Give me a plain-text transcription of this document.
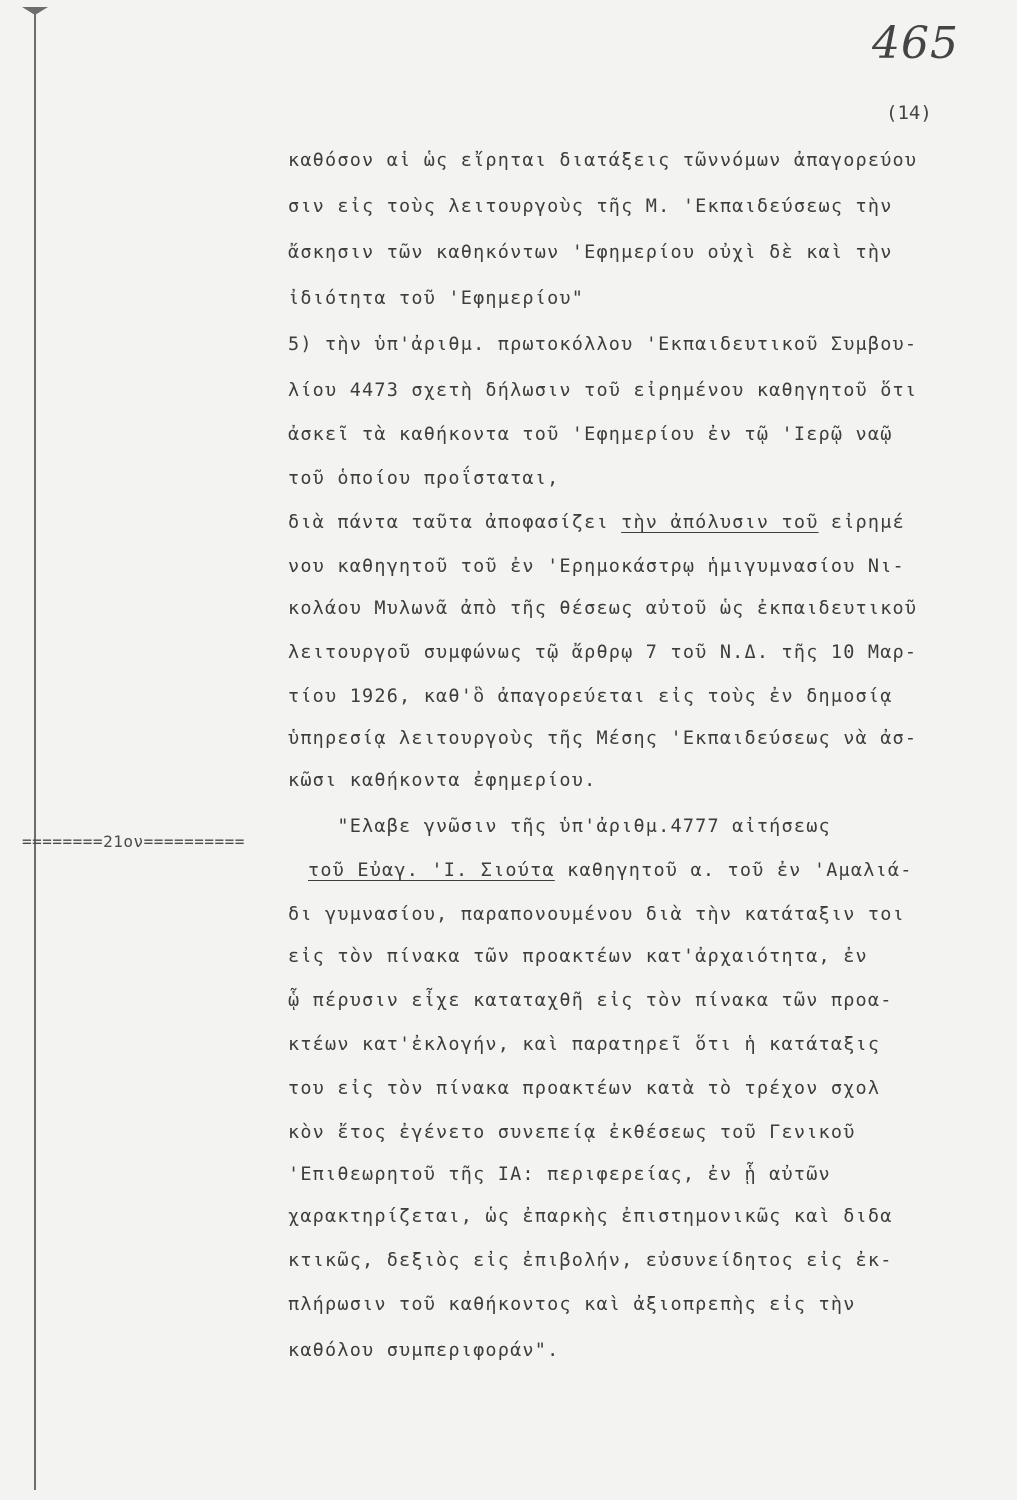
465
(14)
========21ον==========
καθόσον αἱ ὡς εἴρηται διατάξεις τῶννόμων ἀπαγορεύου
σιν εἰς τοὺς λειτουργοὺς τῆς Μ. 'Εκπαιδεύσεως τὴν
ἄσκησιν τῶν καθηκόντων 'Εφημερίου οὐχὶ δὲ καὶ τὴν
ἰδιότητα τοῦ 'Εφημερίου"
5) τὴν ὑπ'ἀριθμ. πρωτοκόλλου 'Εκπαιδευτικοῦ Συμβου-
λίου 4473 σχετὴ δήλωσιν τοῦ εἰρημένου καθηγητοῦ ὅτι
ἀσκεῖ τὰ καθήκοντα τοῦ 'Εφημερίου ἐν τῷ 'Ιερῷ ναῷ
τοῦ ὁποίου προΐσταται,
διὰ πάντα ταῦτα ἀποφασίζει τὴν ἀπόλυσιν τοῦ εἰρημέ
νου καθηγητοῦ τοῦ ἐν 'Ερημοκάστρῳ ἡμιγυμνασίου Νι-
κολάου Μυλωνᾶ ἀπὸ τῆς θέσεως αὐτοῦ ὡς ἐκπαιδευτικοῦ
λειτουργοῦ συμφώνως τῷ ἄρθρῳ 7 τοῦ Ν.Δ. τῆς 10 Μαρ-
τίου 1926, καθ'ὃ ἀπαγορεύεται εἰς τοὺς ἐν δημοσίᾳ
ὑπηρεσίᾳ λειτουργοὺς τῆς Μέσης 'Εκπαιδεύσεως νὰ ἀσ-
κῶσι καθήκοντα ἐφημερίου.
"Ελαβε γνῶσιν τῆς ὑπ'ἀριθμ.4777 αἰτήσεως
τοῦ Εὐαγ. 'Ι. Σιούτα καθηγητοῦ α. τοῦ ἐν 'Αμαλιά-
δι γυμνασίου, παραπονουμένου διὰ τὴν κατάταξιν τοι
εἰς τὸν πίνακα τῶν προακτέων κατ'ἀρχαιότητα, ἐν
ᾧ πέρυσιν εἶχε καταταχθῆ εἰς τὸν πίνακα τῶν προα-
κτέων κατ'ἐκλογήν, καὶ παρατηρεῖ ὅτι ἡ κατάταξις
του εἰς τὸν πίνακα προακτέων κατὰ τὸ τρέχον σχολ
κὸν ἔτος ἐγένετο συνεπείᾳ ἐκθέσεως τοῦ Γενικοῦ
'Επιθεωρητοῦ τῆς ΙΑ: περιφερείας, ἐν ᾗ αὐτῶν
χαρακτηρίζεται, ὡς ἐπαρκὴς ἐπιστημονικῶς καὶ διδα
κτικῶς, δεξιὸς εἰς ἐπιβολήν, εὐσυνείδητος εἰς ἐκ-
πλήρωσιν τοῦ καθήκοντος καὶ ἀξιοπρεπὴς εἰς τὴν
καθόλου συμπεριφοράν".
